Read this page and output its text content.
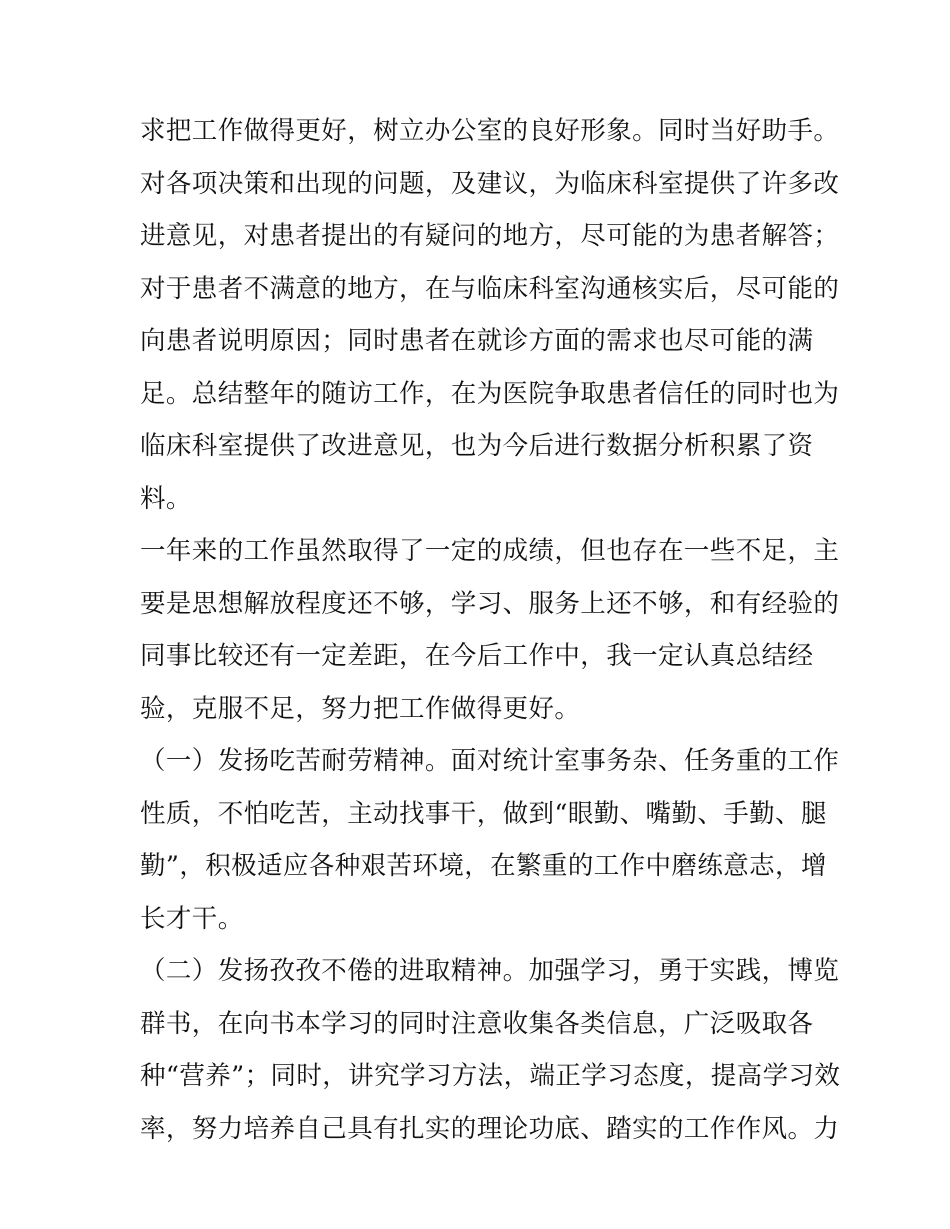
求把工作做得更好，树立办公室的良好形象。同时当好助手。
对各项决策和出现的问题，及建议，为临床科室提供了许多改
进意见，对患者提出的有疑问的地方，尽可能的为患者解答；
对于患者不满意的地方，在与临床科室沟通核实后，尽可能的
向患者说明原因；同时患者在就诊方面的需求也尽可能的满
足。总结整年的随访工作，在为医院争取患者信任的同时也为
临床科室提供了改进意见，也为今后进行数据分析积累了资
料。
一年来的工作虽然取得了一定的成绩，但也存在一些不足，主
要是思想解放程度还不够，学习、服务上还不够，和有经验的
同事比较还有一定差距，在今后工作中，我一定认真总结经
验，克服不足，努力把工作做得更好。
（一）发扬吃苦耐劳精神。面对统计室事务杂、任务重的工作
性质，不怕吃苦，主动找事干，做到“眼勤、嘴勤、手勤、腿
勤”，积极适应各种艰苦环境，在繁重的工作中磨练意志，增
长才干。
（二）发扬孜孜不倦的进取精神。加强学习，勇于实践，博览
群书，在向书本学习的同时注意收集各类信息，广泛吸取各
种“营养”；同时，讲究学习方法，端正学习态度，提高学习效
率，努力培养自己具有扎实的理论功底、踏实的工作作风。力
